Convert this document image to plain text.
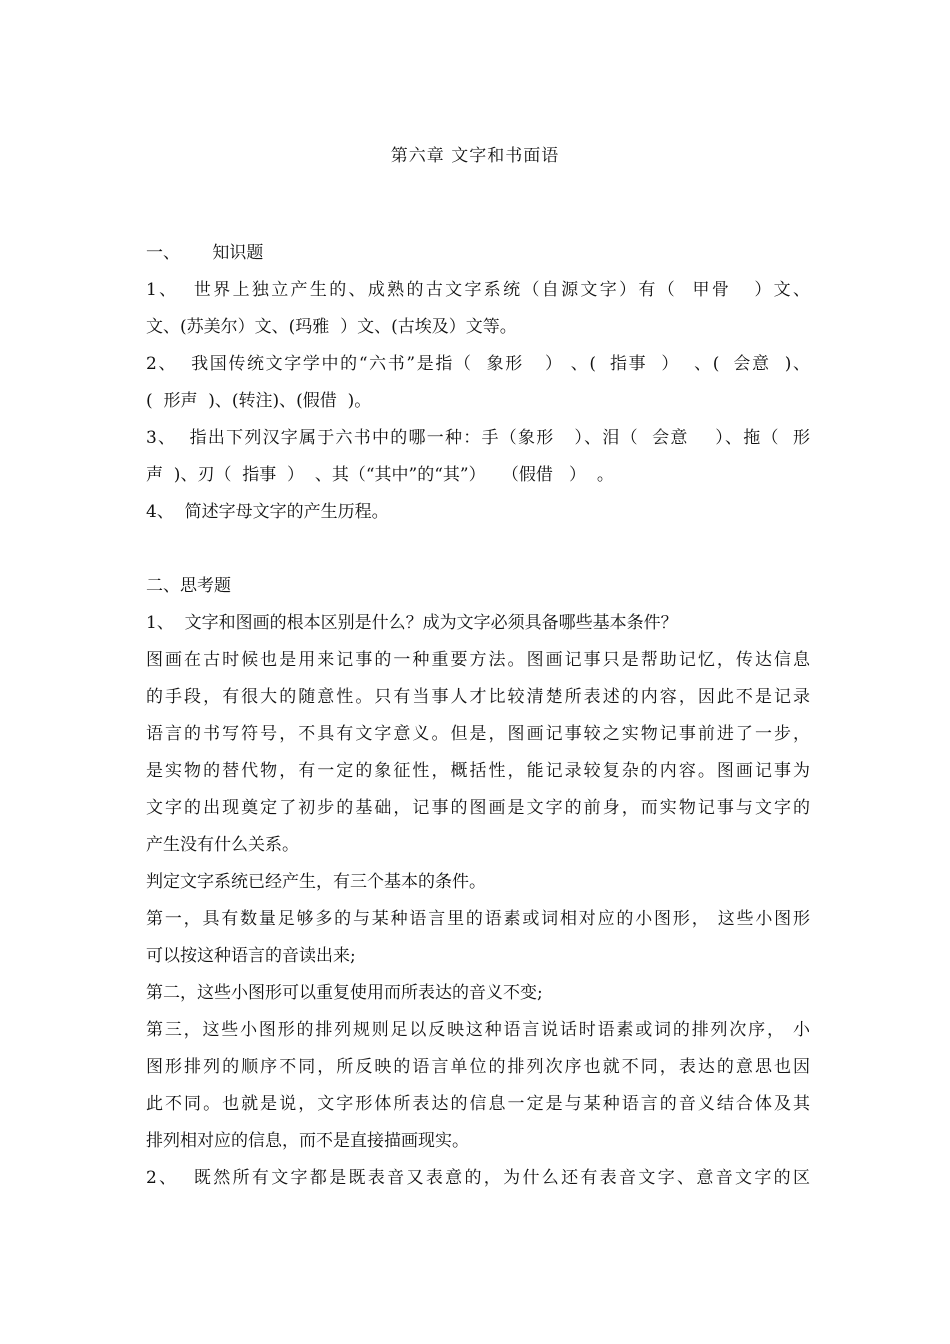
第六章 文字和书面语
一、      知识题
1、  世界上独立产生的、成熟的古文字系统（自源文字）有（  甲骨   ）文、
文、(苏美尔）文、(玛雅  ）文、(古埃及）文等。
2、  我国传统文字学中的“六书”是指（  象形   ） 、(  指事  ）  、(  会意  )、
(  形声  )、(转注)、(假借  )。
3、  指出下列汉字属于六书中的哪一种：手（象形   ）、泪（  会意    ）、拖（  形
声  )、刃（  指事  ）  、其（“其中”的“其”）   （假借   ）  。
4、  简述字母文字的产生历程。
二、思考题
1、  文字和图画的根本区别是什么？成为文字必须具备哪些基本条件？
图画在古时候也是用来记事的一种重要方法。图画记事只是帮助记忆，传达信息
的手段，有很大的随意性。只有当事人才比较清楚所表述的内容，因此不是记录
语言的书写符号，不具有文字意义。但是，图画记事较之实物记事前进了一步，
是实物的替代物，有一定的象征性，概括性，能记录较复杂的内容。图画记事为
文字的出现奠定了初步的基础，记事的图画是文字的前身，而实物记事与文字的
产生没有什么关系。
判定文字系统已经产生，有三个基本的条件。
第一，具有数量足够多的与某种语言里的语素或词相对应的小图形， 这些小图形
可以按这种语言的音读出来;
第二，这些小图形可以重复使用而所表达的音义不变;
第三，这些小图形的排列规则足以反映这种语言说话时语素或词的排列次序， 小
图形排列的顺序不同，所反映的语言单位的排列次序也就不同，表达的意思也因
此不同。也就是说，文字形体所表达的信息一定是与某种语言的音义结合体及其
排列相对应的信息，而不是直接描画现实。
2、  既然所有文字都是既表音又表意的，为什么还有表音文字、意音文字的区
